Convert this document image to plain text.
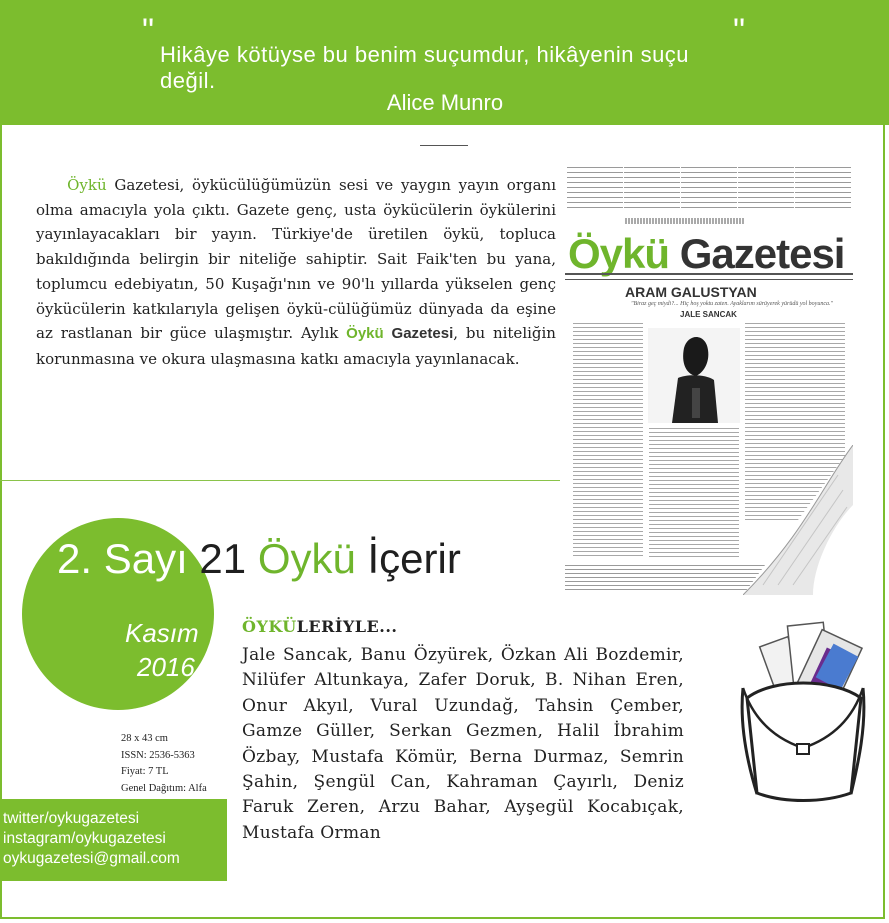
"
Hikâye kötüyse bu benim suçumdur, hikâyenin suçu değil.
"
Alice Munro
Öykü Gazetesi, öykücülüğümüzün sesi ve yaygın yayın organı olma amacıyla yola çıktı. Gazete genç, usta öykücülerin öykülerini yayınlayacakları bir yayın. Türkiye'de üretilen öykü, topluca bakıldığında belirgin bir niteliğe sahiptir. Sait Faik'ten bu yana, toplumcu edebiyatın, 50 Kuşağı'nın ve 90'lı yıllarda yükselen genç öykücülerin katkılarıyla gelişen öykü-cülüğümüz dünyada da eşine az rastlanan bir güce ulaşmıştır. Aylık Öykü Gazetesi, bu niteliğin korunmasına ve okura ulaşmasına katkı amacıyla yayınlanacak.
Öykü Gazetesi
ARAM GALUSTYAN
"Biraz geç miydi?... Hiç hoş yoktu zaten. Ayaklarım sürüyerek yürüdü yol boyunca."
JALE SANCAK
2. Sayı 21 Öykü İçerir
Kasım
2016
28 x 43 cm
ISSN: 2536-5363
Fiyat: 7 TL
Genel Dağıtım: Alfa
twitter/oykugazetesi
instagram/oykugazetesi
oykugazetesi@gmail.com
ÖYKÜLERİYLE...
Jale Sancak, Banu Özyürek, Özkan Ali Bozdemir, Nilüfer Altunkaya, Zafer Doruk, B. Nihan Eren, Onur Akyıl, Vural Uzundağ, Tahsin Çember, Gamze Güller, Serkan Gezmen, Halil İbrahim Özbay, Mustafa Kömür, Berna Durmaz, Semrin Şahin, Şengül Can, Kahraman Çayırlı, Deniz Faruk Zeren, Arzu Bahar, Ayşegül Kocabıçak, Mustafa Orman
